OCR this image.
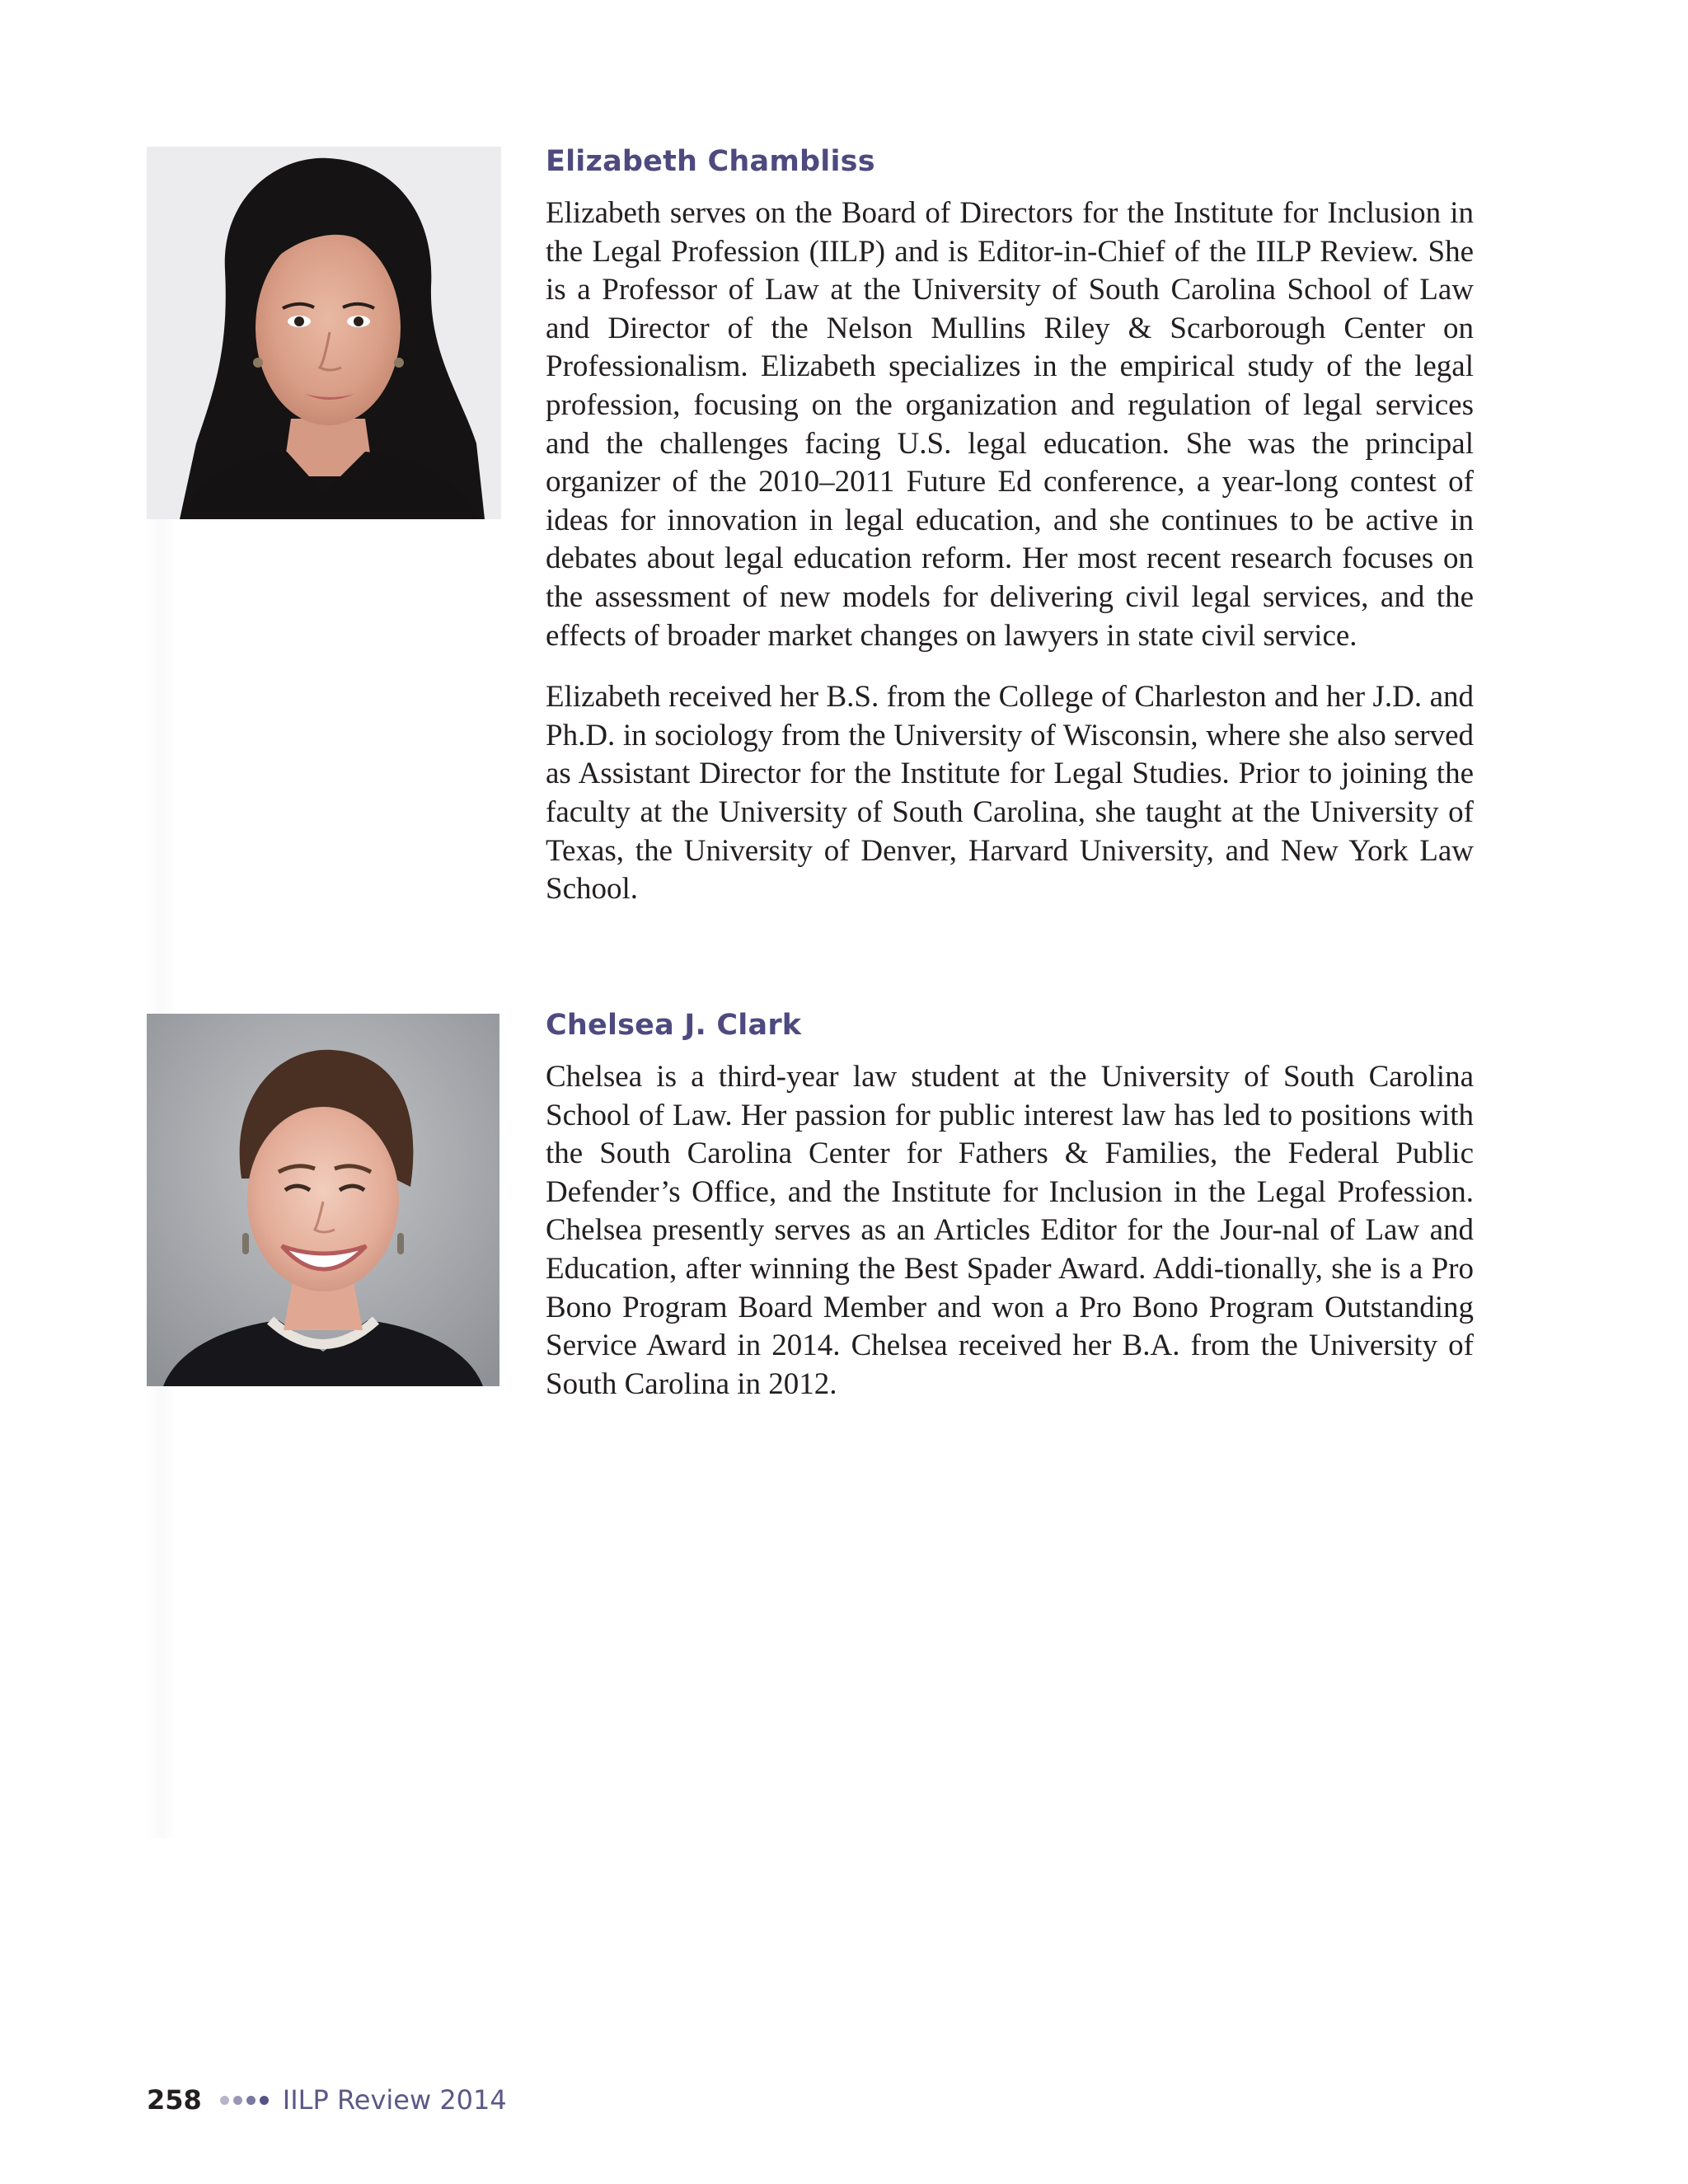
Elizabeth Chambliss

Elizabeth serves on the Board of Directors for the Institute for Inclusion in the Legal Profession (IILP) and is Editor-in-Chief of the IILP Review. She is a Professor of Law at the University of South Carolina School of Law and Director of the Nelson Mullins Riley & Scarborough Center on Professionalism. Elizabeth specializes in the empirical study of the legal profession, focusing on the organization and regulation of legal services and the challenges facing U.S. legal education. She was the principal organizer of the 2010–2011 Future Ed conference, a year-long contest of ideas for innovation in legal education, and she continues to be active in debates about legal education reform. Her most recent research focuses on the assessment of new models for delivering civil legal services, and the effects of broader market changes on lawyers in state civil service.

Elizabeth received her B.S. from the College of Charleston and her J.D. and Ph.D. in sociology from the University of Wisconsin, where she also served as Assistant Director for the Institute for Legal Studies. Prior to joining the faculty at the University of South Carolina, she taught at the University of Texas, the University of Denver, Harvard University, and New York Law School.

Chelsea J. Clark

Chelsea is a third-year law student at the University of South Carolina School of Law. Her passion for public interest law has led to positions with the South Carolina Center for Fathers & Families, the Federal Public Defender’s Office, and the Institute for Inclusion in the Legal Profession. Chelsea presently serves as an Articles Editor for the Jour-nal of Law and Education, after winning the Best Spader Award. Addi-tionally, she is a Pro Bono Program Board Member and won a Pro Bono Program Outstanding Service Award in 2014. Chelsea received her B.A. from the University of South Carolina in 2012.

258	IILP Review 2014
